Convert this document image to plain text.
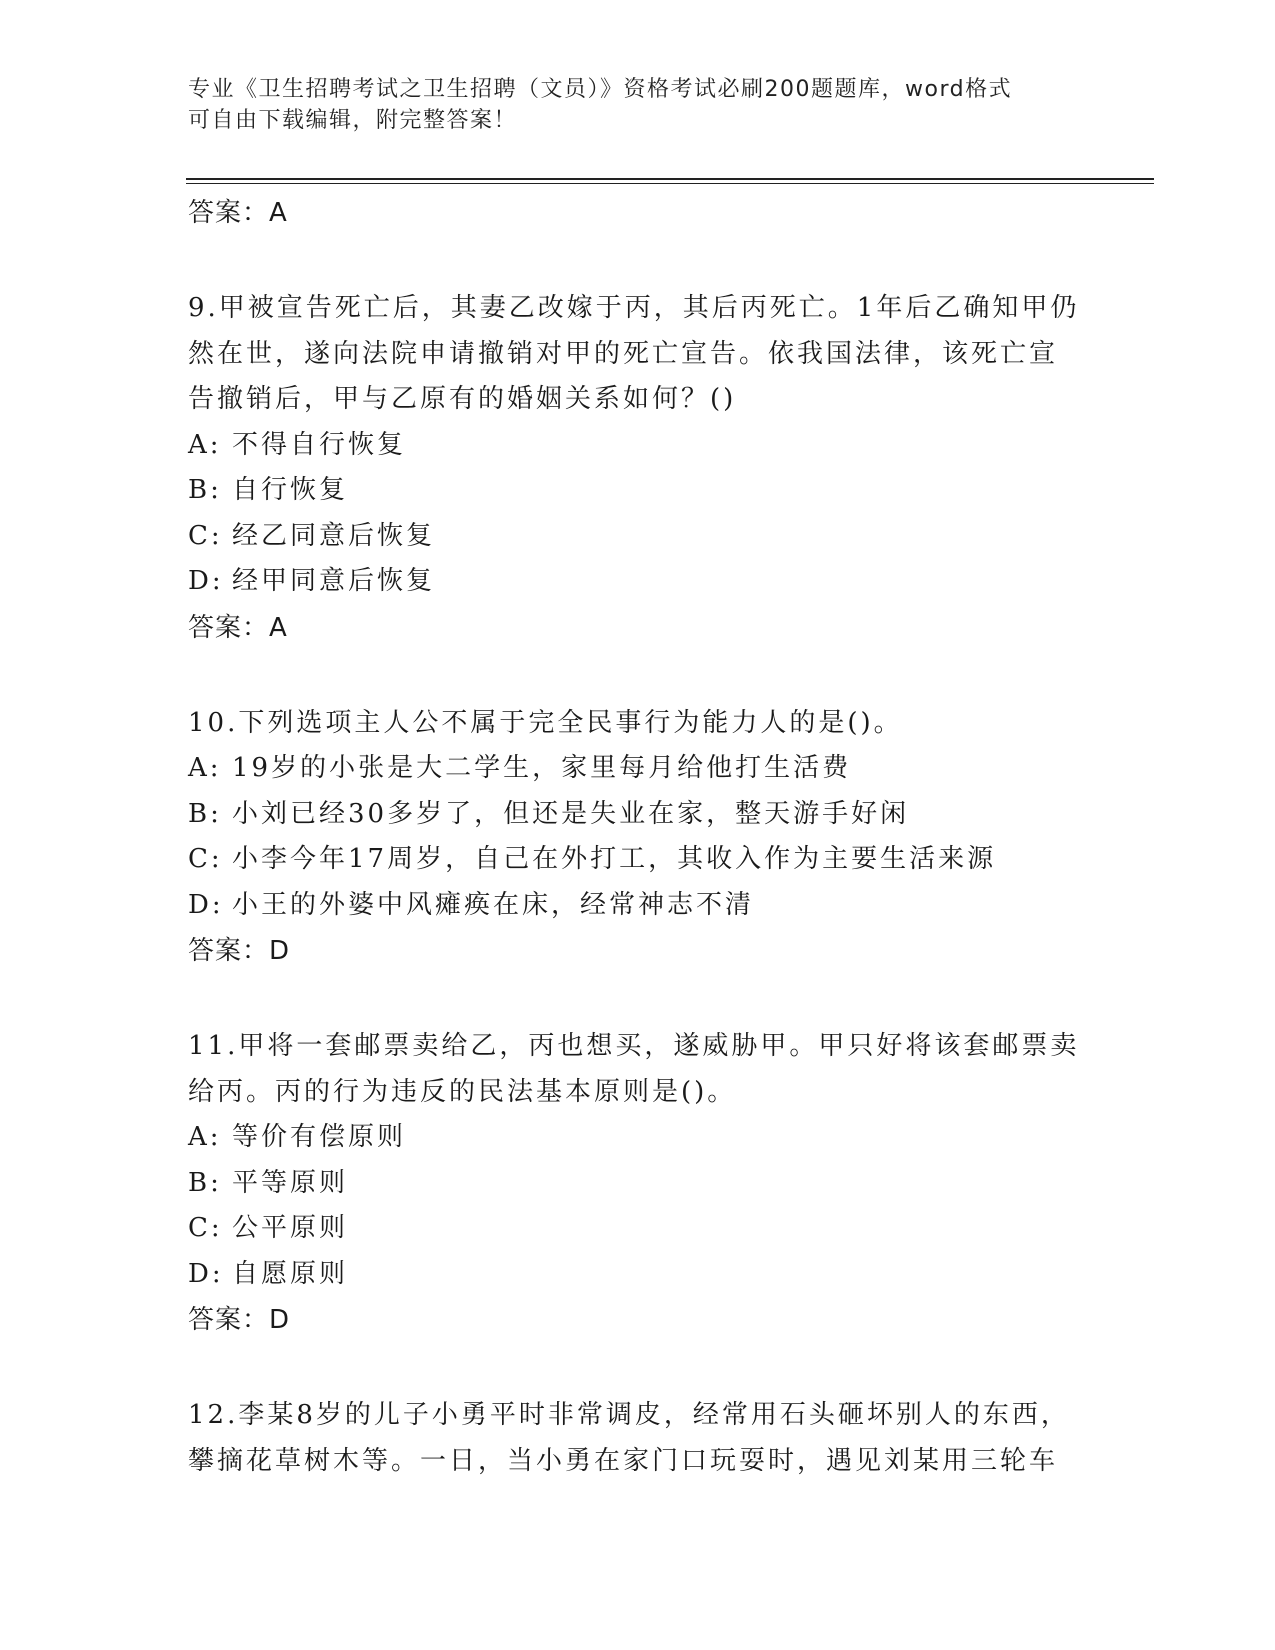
专业《卫生招聘考试之卫生招聘（文员）》资格考试必刷200题题库，word格式
可自由下载编辑，附完整答案！
答案：A
9.甲被宣告死亡后，其妻乙改嫁于丙，其后丙死亡。1年后乙确知甲仍
然在世，遂向法院申请撤销对甲的死亡宣告。依我国法律，该死亡宣
告撤销后，甲与乙原有的婚姻关系如何？()
A: 不得自行恢复
B: 自行恢复
C: 经乙同意后恢复
D: 经甲同意后恢复
答案：A
10.下列选项主人公不属于完全民事行为能力人的是()。
A: 19岁的小张是大二学生，家里每月给他打生活费
B: 小刘已经30多岁了，但还是失业在家，整天游手好闲
C: 小李今年17周岁，自己在外打工，其收入作为主要生活来源
D: 小王的外婆中风瘫痪在床，经常神志不清
答案：D
11.甲将一套邮票卖给乙，丙也想买，遂威胁甲。甲只好将该套邮票卖
给丙。丙的行为违反的民法基本原则是()。
A: 等价有偿原则
B: 平等原则
C: 公平原则
D: 自愿原则
答案：D
12.李某8岁的儿子小勇平时非常调皮，经常用石头砸坏别人的东西，
攀摘花草树木等。一日，当小勇在家门口玩耍时，遇见刘某用三轮车
